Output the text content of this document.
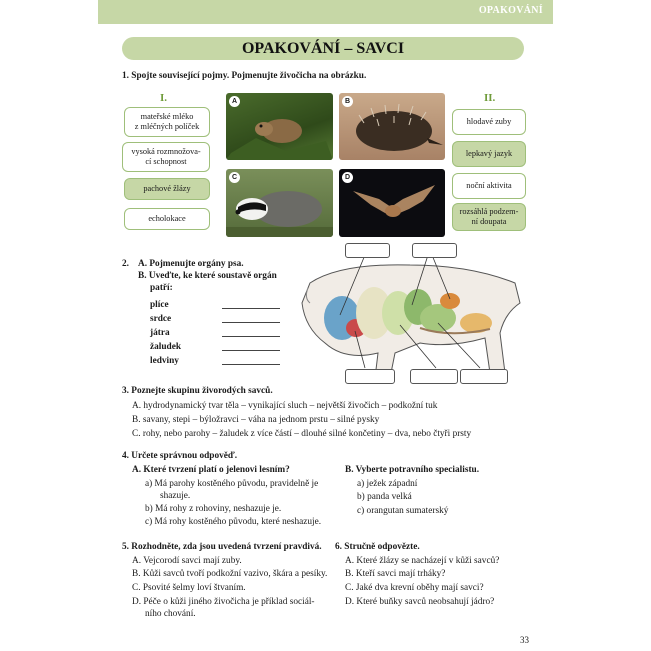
OPAKOVÁNÍ
OPAKOVÁNÍ – SAVCI
1. Spojte související pojmy. Pojmenujte živočicha na obrázku.
I.	II.
mateřské mléko
z mléčných políček
vysoká rozmnožova-
cí schopnost
pachové žlázy
echolokace
hlodavé zuby
lepkavý jazyk
noční aktivita
rozsáhlá podzem-
ní doupata
A	B
C	D
2. A. Pojmenujte orgány psa.
B. Uveďte, ke které soustavě orgán
patří:
plíce
srdce
játra
žaludek
ledviny
3. Poznejte skupinu živorodých savců.
A. hydrodynamický tvar těla – vynikající sluch – největší živočich – podkožní tuk
B. savany, stepi – býložravci – váha na jednom prstu – silné pysky
C. rohy, nebo parohy – žaludek z více částí – dlouhé silné končetiny – dva, nebo čtyři prsty
4. Určete správnou odpověď.
A. Které tvrzení platí o jelenovi lesním?
a) Má parohy kostěného původu, pravidelně je
shazuje.
b) Má rohy z rohoviny, neshazuje je.
c) Má rohy kostěného původu, které neshazuje.
B. Vyberte potravního specialistu.
a) ježek západní
b) panda velká
c) orangutan sumaterský
5. Rozhodněte, zda jsou uvedená tvrzení pravdivá.
A. Vejcorodí savci mají zuby.
B. Kůži savců tvoří podkožní vazivo, škára a pesíky.
C. Psovité šelmy loví štvaním.
D. Péče o kůži jiného živočicha je příklad sociál-
ního chování.
6. Stručně odpovězte.
A. Které žlázy se nacházejí v kůži savců?
B. Kteří savci mají trháky?
C. Jaké dva krevní oběhy mají savci?
D. Které buňky savců neobsahují jádro?
33
